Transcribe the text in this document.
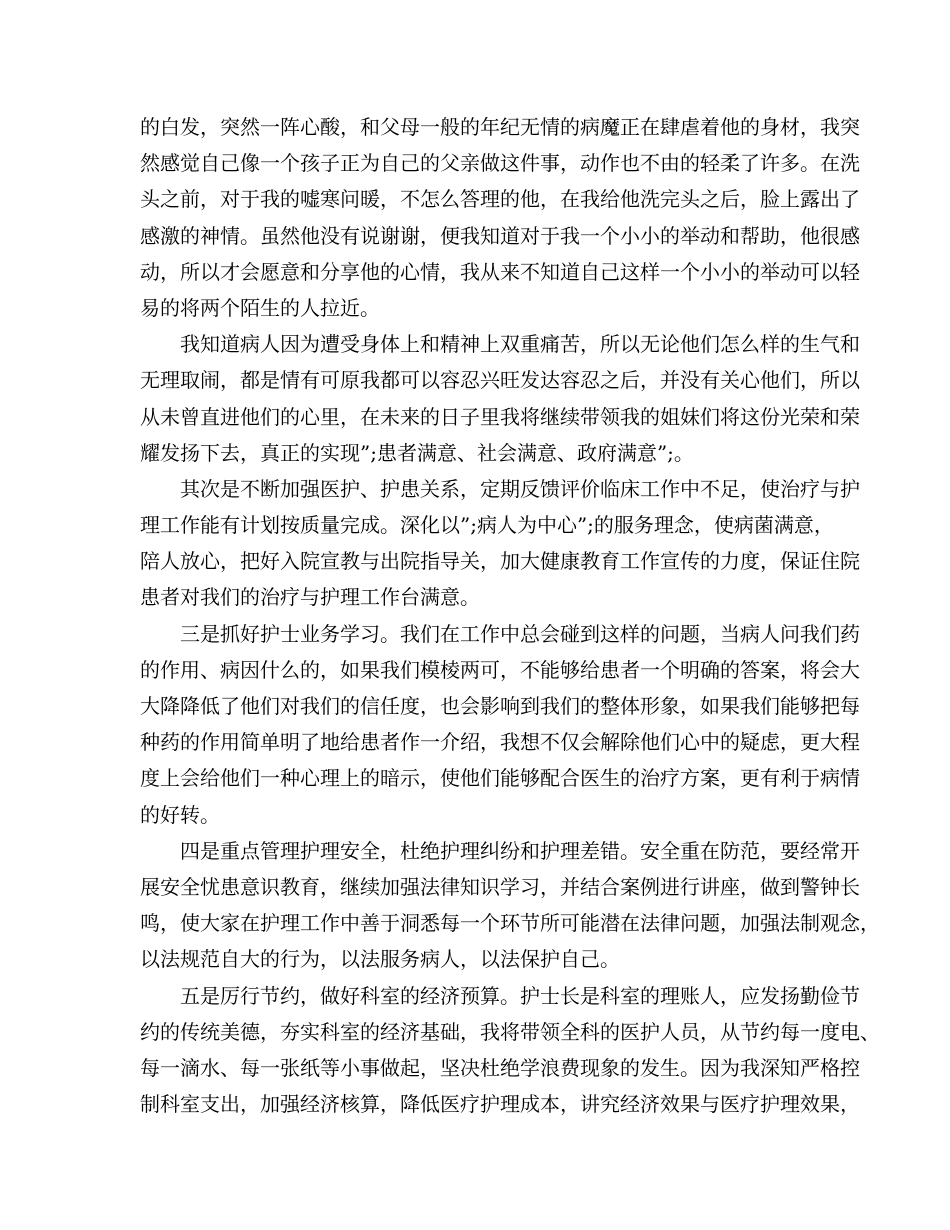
的白发，突然一阵心酸，和父母一般的年纪无情的病魔正在肆虐着他的身材，我突
然感觉自己像一个孩子正为自己的父亲做这件事，动作也不由的轻柔了许多。在洗
头之前，对于我的嘘寒问暖，不怎么答理的他，在我给他洗完头之后，脸上露出了
感激的神情。虽然他没有说谢谢，便我知道对于我一个小小的举动和帮助，他很感
动，所以才会愿意和分享他的心情，我从来不知道自己这样一个小小的举动可以轻
易的将两个陌生的人拉近。
我知道病人因为遭受身体上和精神上双重痛苦，所以无论他们怎么样的生气和
无理取闹，都是情有可原我都可以容忍兴旺发达容忍之后，并没有关心他们，所以
从未曾直进他们的心里，在未来的日子里我将继续带领我的姐妹们将这份光荣和荣
耀发扬下去，真正的实现”;患者满意、社会满意、政府满意”;。
其次是不断加强医护、护患关系，定期反馈评价临床工作中不足，使治疗与护
理工作能有计划按质量完成。深化以”;病人为中心”;的服务理念，使病菌满意，
陪人放心，把好入院宣教与出院指导关，加大健康教育工作宣传的力度，保证住院
患者对我们的治疗与护理工作台满意。
三是抓好护士业务学习。我们在工作中总会碰到这样的问题，当病人问我们药
的作用、病因什么的，如果我们模棱两可，不能够给患者一个明确的答案，将会大
大降降低了他们对我们的信任度，也会影响到我们的整体形象，如果我们能够把每
种药的作用简单明了地给患者作一介绍，我想不仅会解除他们心中的疑虑，更大程
度上会给他们一种心理上的暗示，使他们能够配合医生的治疗方案，更有利于病情
的好转。
四是重点管理护理安全，杜绝护理纠纷和护理差错。安全重在防范，要经常开
展安全忧患意识教育，继续加强法律知识学习，并结合案例进行讲座，做到警钟长
鸣，使大家在护理工作中善于洞悉每一个环节所可能潜在法律问题，加强法制观念，
以法规范自大的行为，以法服务病人，以法保护自己。
五是厉行节约，做好科室的经济预算。护士长是科室的理账人，应发扬勤俭节
约的传统美德，夯实科室的经济基础，我将带领全科的医护人员，从节约每一度电、
每一滴水、每一张纸等小事做起，坚决杜绝学浪费现象的发生。因为我深知严格控
制科室支出，加强经济核算，降低医疗护理成本，讲究经济效果与医疗护理效果，
